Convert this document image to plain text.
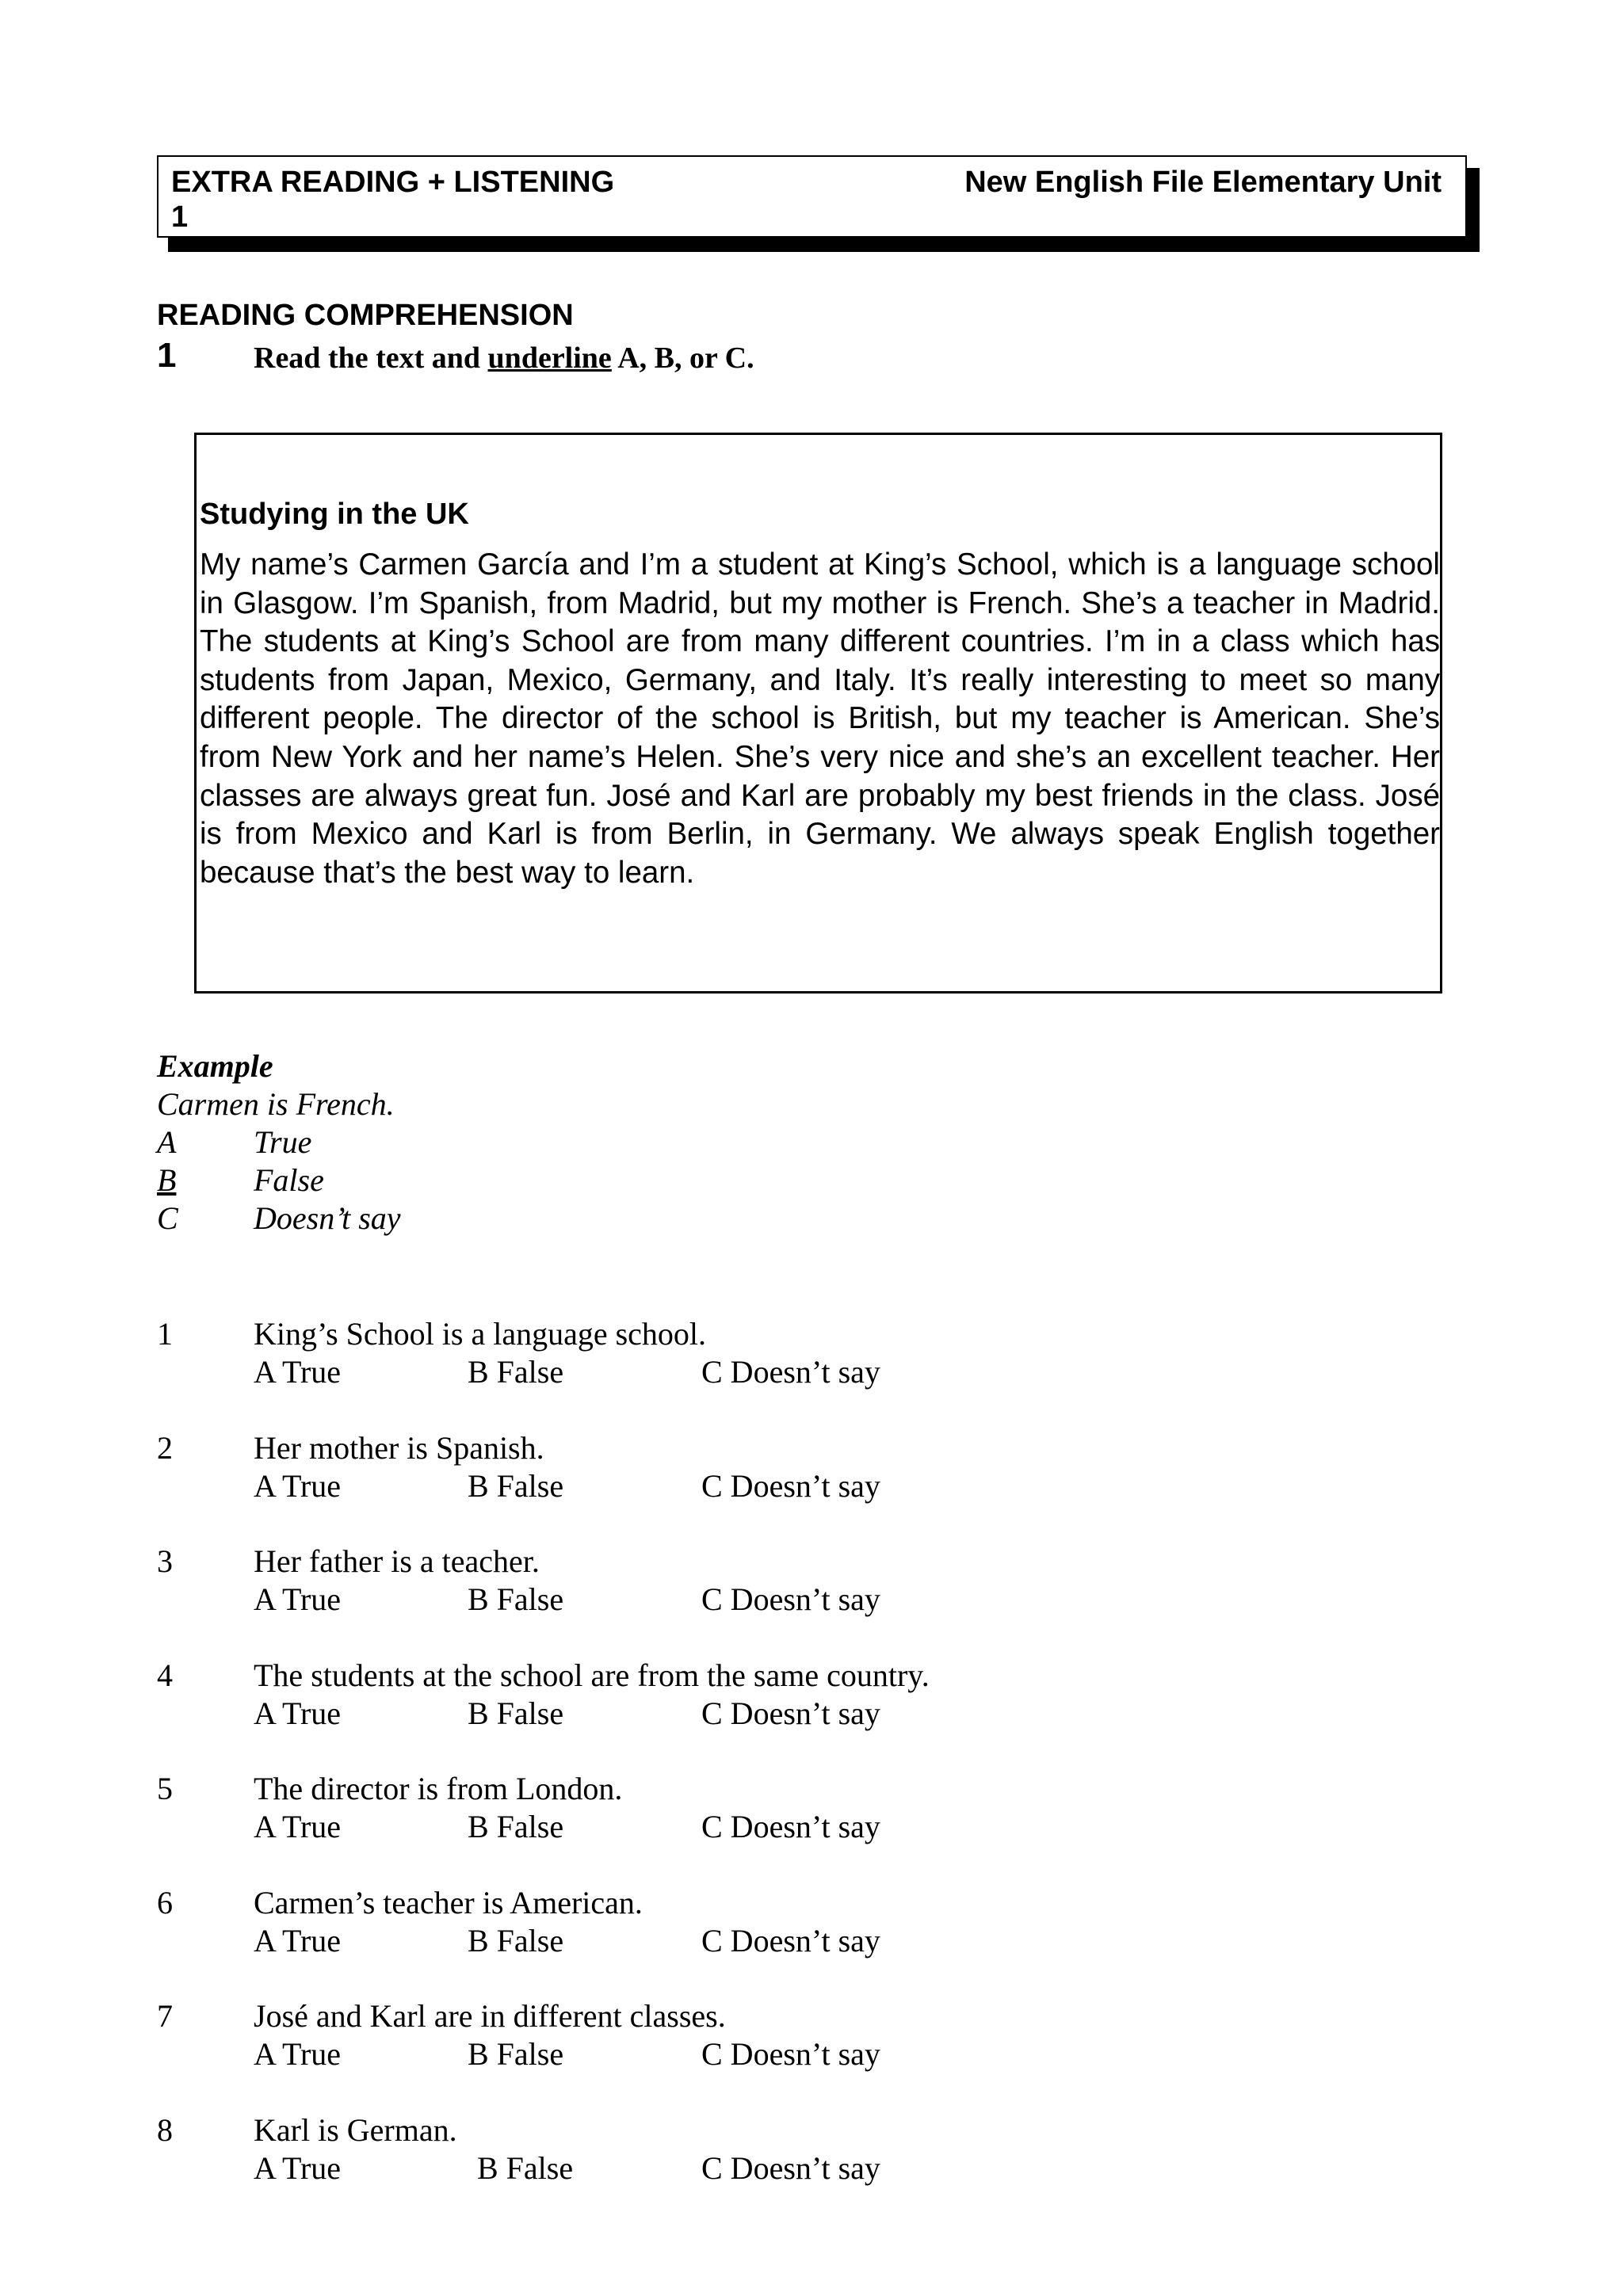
EXTRA READING + LISTENING	New English File Elementary Unit
1
READING COMPREHENSION
1	Read the text and underline A, B, or C.
Studying in the UK

My name’s Carmen García and I’m a student at King’s School, which is a language school in Glasgow. I’m Spanish, from Madrid, but my mother is French. She’s a teacher in Madrid. The students at King’s School are from many different countries. I’m in a class which has students from Japan, Mexico, Germany, and Italy. It’s really interesting to meet so many different people. The director of the school is British, but my teacher is American. She’s from New York and her name’s Helen. She’s very nice and she’s an excellent teacher. Her classes are always great fun. José and Karl are probably my best friends in the class. José is from Mexico and Karl is from Berlin, in Germany. We always speak English together because that’s the best way to learn.

Example
Carmen is French.
A True
B False
C Doesn’t say
1	King’s School is a language school.
A True	B False	C Doesn’t say
2	Her mother is Spanish.
A True	B False	C Doesn’t say
3	Her father is a teacher.
A True	B False	C Doesn’t say
4	The students at the school are from the same country.
A True	B False	C Doesn’t say
5	The director is from London.
A True	B False	C Doesn’t say
6	Carmen’s teacher is American.
A True	B False	C Doesn’t say
7	José and Karl are in different classes.
A True	B False	C Doesn’t say
8	Karl is German.
A True	B False	C Doesn’t say
